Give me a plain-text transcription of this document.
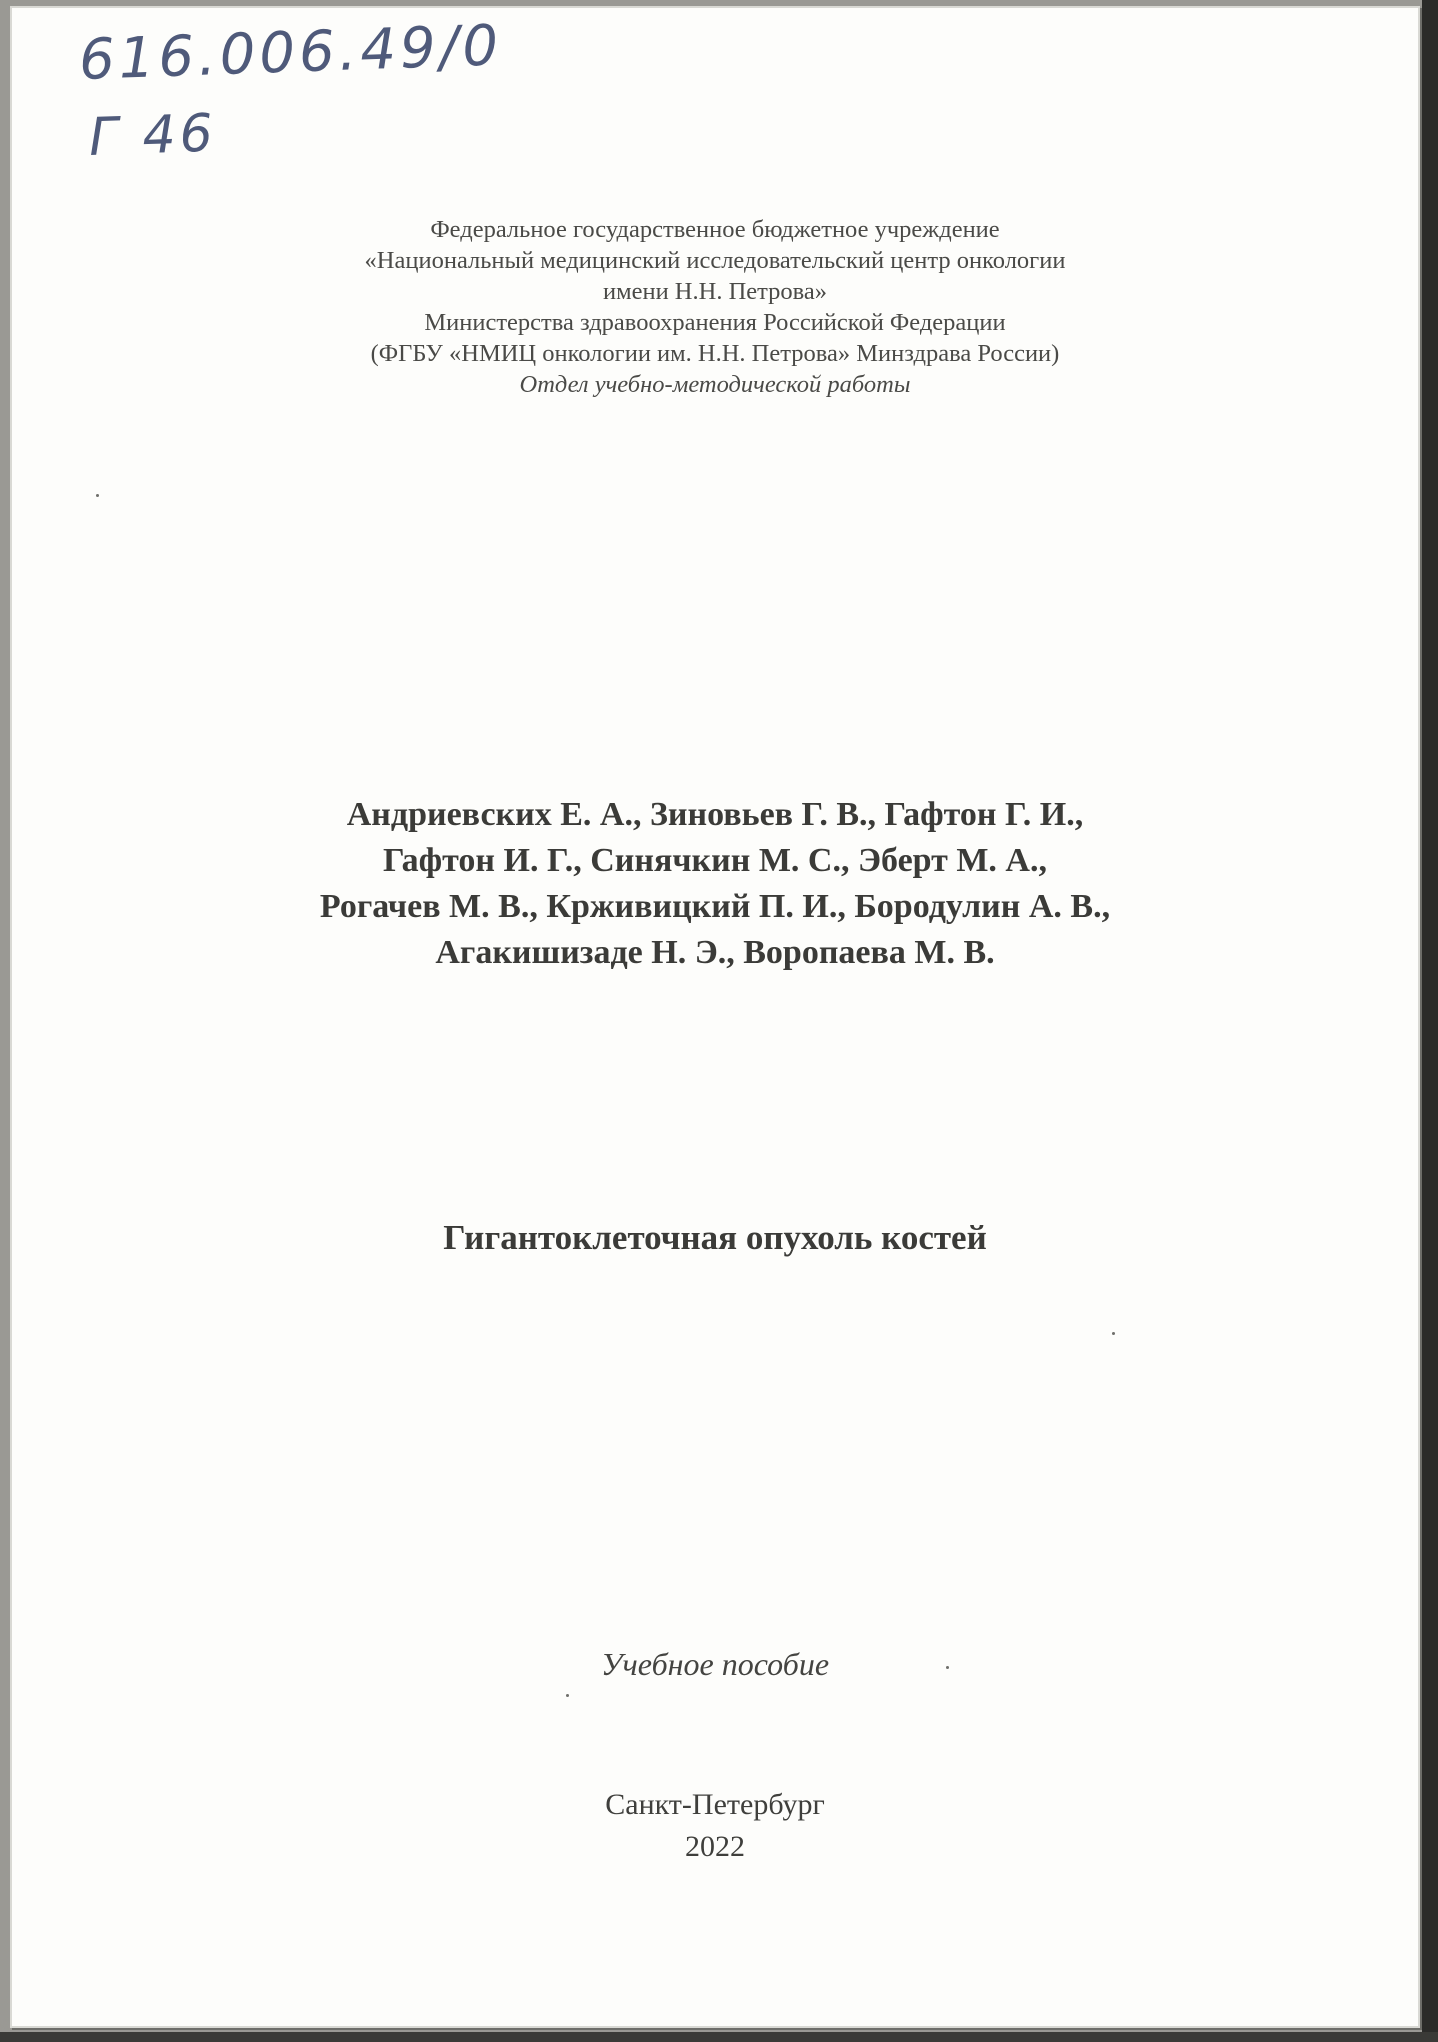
616.006.49/0
Г 46
Федеральное государственное бюджетное учреждение
«Национальный медицинский исследовательский центр онкологии
имени Н.Н. Петрова»
Министерства здравоохранения Российской Федерации
(ФГБУ «НМИЦ онкологии им. Н.Н. Петрова» Минздрава России)
Отдел учебно-методической работы
Андриевских Е. А., Зиновьев Г. В., Гафтон Г. И.,
Гафтон И. Г., Синячкин М. С., Эберт М. А.,
Рогачев М. В., Крживицкий П. И., Бородулин А. В.,
Агакишизаде Н. Э., Воропаева М. В.
Гигантоклеточная опухоль костей
Учебное пособие
Санкт-Петербург
2022
